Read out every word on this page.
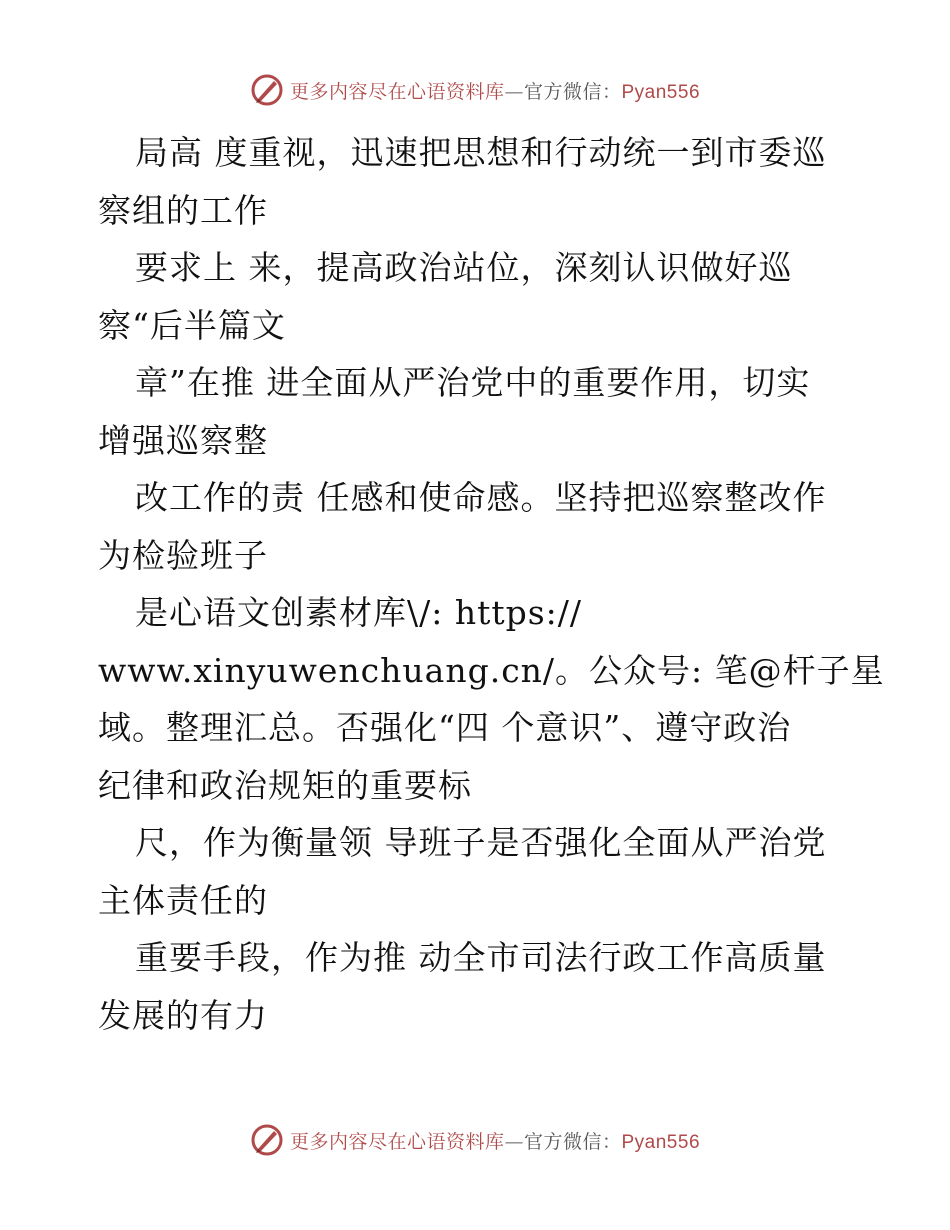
更多内容尽在心语资料库—官方微信：Pyan556
局高 度重视，迅速把思想和行动统一到市委巡
察组的工作
要求上 来，提高政治站位，深刻认识做好巡
察“后半篇文
章”在推 进全面从严治党中的重要作用，切实
增强巡察整
改工作的责 任感和使命感。坚持把巡察整改作
为检验班子
是心语文创素材库\/: https://
www.xinyuwenchuang.cn/。公众号: 笔@杆子星
域。整理汇总。否强化“四 个意识”、遵守政治
纪律和政治规矩的重要标
尺，作为衡量领 导班子是否强化全面从严治党
主体责任的
重要手段，作为推 动全市司法行政工作高质量
发展的有力
更多内容尽在心语资料库—官方微信：Pyan556
